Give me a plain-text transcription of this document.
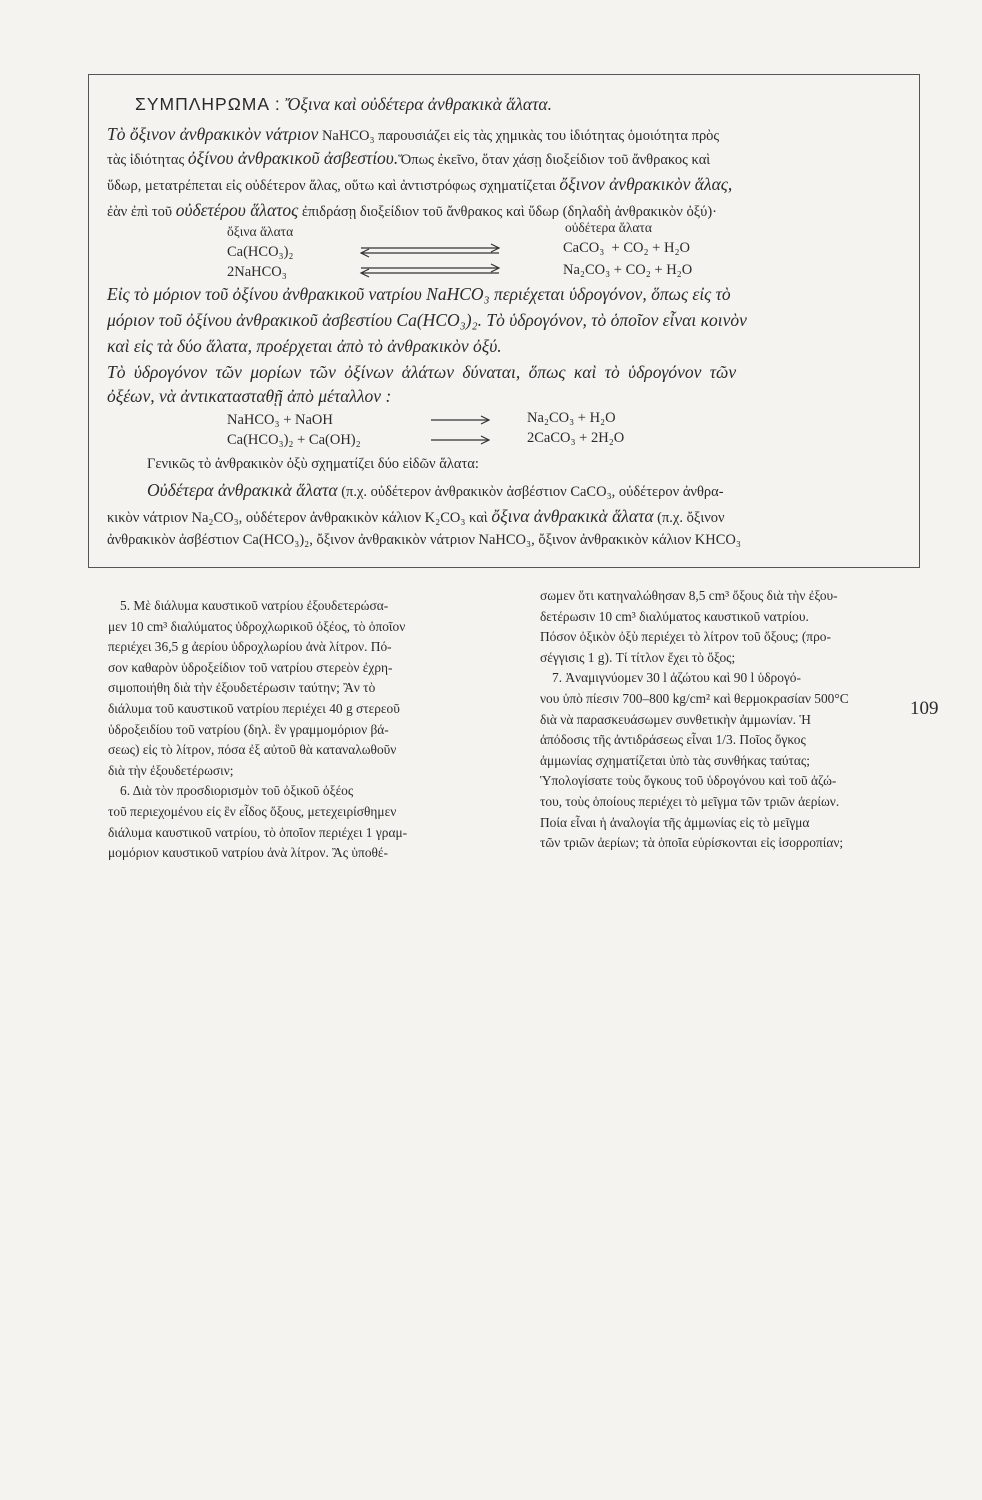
ΣΥΜΠΛΗΡΩΜΑ : Ὄξινα καὶ οὐδέτερα ἀνθρακικὰ ἅλατα.
Τὸ ὄξινον ἀνθρακικὸν νάτριον NaHCO₃ παρουσιάζει εἰς τὰς χημικὰς του ἰδιότητας ὁμοιότητα πρὸς
τὰς ἰδιότητας ὀξίνου ἀνθρακικοῦ ἀσβεστίου.Ὅπως ἐκεῖνο, ὅταν χάσῃ διοξείδιον τοῦ ἄνθρακος καὶ
ὕδωρ, μετατρέπεται εἰς οὐδέτερον ἅλας, οὕτω καὶ ἀντιστρόφως σχηματίζεται ὄξινον ἀνθρακικὸν ἅλας,
ἐὰν ἐπὶ τοῦ οὐδετέρου ἅλατος ἐπιδράσῃ διοξείδιον τοῦ ἄνθρακος καὶ ὕδωρ (δηλαδὴ ἀνθρακικὸν ὀξύ)·
ὄξινα ἅλατα	οὐδέτερα ἅλατα
Ca(HCO₃)₂
2NaHCO₃
CaCO₃  + CO₂ + H₂O
Na₂CO₃ + CO₂ + H₂O
Εἰς τὸ μόριον τοῦ ὀξίνου ἀνθρακικοῦ νατρίου NaHCO₃ περιέχεται ὑδρογόνον, ὅπως εἰς τὸ
μόριον τοῦ ὀξίνου ἀνθρακικοῦ ἀσβεστίου Ca(HCO₃)₂. Τὸ ὑδρογόνον, τὸ ὁποῖον εἶναι κοινὸν
καὶ εἰς τὰ δύο ἅλατα, προέρχεται ἀπὸ τὸ ἀνθρακικὸν ὀξύ.
Τὸ ὑδρογόνον τῶν μορίων τῶν ὀξίνων ἁλάτων δύναται, ὅπως καὶ τὸ ὑδρογόνον τῶν
ὀξέων, νὰ ἀντικατασταθῇ ἀπὸ μέταλλον :
NaHCO₃ + NaOH
Ca(HCO₃)₂ + Ca(OH)₂
Na₂CO₃ + H₂O
2CaCO₃ + 2H₂O
Γενικῶς τὸ ἀνθρακικὸν ὀξὺ σχηματίζει δύο εἰδῶν ἅλατα:
Οὐδέτερα ἀνθρακικὰ ἅλατα (π.χ. οὐδέτερον ἀνθρακικὸν ἀσβέστιον CaCO₃, οὐδέτερον ἀνθρα-
κικὸν νάτριον Na₂CO₃, οὐδέτερον ἀνθρακικὸν κάλιον K₂CO₃ καὶ ὄξινα ἀνθρακικὰ ἅλατα (π.χ. ὄξινον
ἀνθρακικὸν ἀσβέστιον Ca(HCO₃)₂, ὄξινον ἀνθρακικὸν νάτριον NaHCO₃, ὄξινον ἀνθρακικὸν κάλιον KHCO₃

5. Μὲ διάλυμα καυστικοῦ νατρίου ἐξουδετερώσα-

μεν 10 cm³ διαλύματος ὑδροχλωρικοῦ ὀξέος, τὸ ὁποῖον

περιέχει 36,5 g ἀερίου ὑδροχλωρίου ἀνὰ λίτρον. Πό-

σον καθαρὸν ὑδροξείδιον τοῦ νατρίου στερεὸν ἐχρη-

σιμοποιήθη διὰ τὴν ἐξουδετέρωσιν ταύτην; Ἂν τὸ

διάλυμα τοῦ καυστικοῦ νατρίου περιέχει 40 g στερεοῦ

ὑδροξειδίου τοῦ νατρίου (δηλ. ἓν γραμμομόριον βά-

σεως) εἰς τὸ λίτρον, πόσα ἐξ αὐτοῦ θὰ καταναλωθοῦν

διὰ τὴν ἐξουδετέρωσιν;

6. Διὰ τὸν προσδιορισμὸν τοῦ ὀξικοῦ ὀξέος

τοῦ περιεχομένου εἰς ἓν εἶδος ὄξους, μετεχειρίσθημεν

διάλυμα καυστικοῦ νατρίου, τὸ ὁποῖον περιέχει 1 γραμ-

μομόριον καυστικοῦ νατρίου ἀνὰ λίτρον. Ἂς ὑποθέ-

σωμεν ὅτι κατηναλώθησαν 8,5 cm³ ὄξους διὰ τὴν ἐξου-

δετέρωσιν 10 cm³ διαλύματος καυστικοῦ νατρίου.

Πόσον ὀξικὸν ὀξὺ περιέχει τὸ λίτρον τοῦ ὄξους; (προ-

σέγγισις 1 g). Τί τίτλον ἔχει τὸ ὄξος;

7. Ἀναμιγνύομεν 30 l ἀζώτου καὶ 90 l ὑδρογό-

νου ὑπὸ πίεσιν 700–800 kg/cm² καὶ θερμοκρασίαν 500°C

διὰ νὰ παρασκευάσωμεν συνθετικὴν ἀμμωνίαν. Ἡ

ἀπόδοσις τῆς ἀντιδράσεως εἶναι 1/3. Ποῖος ὄγκος

ἀμμωνίας σχηματίζεται ὑπὸ τὰς συνθήκας ταύτας;

Ὑπολογίσατε τοὺς ὄγκους τοῦ ὑδρογόνου καὶ τοῦ ἀζώ-

του, τοὺς ὁποίους περιέχει τὸ μεῖγμα τῶν τριῶν ἀερίων.

Ποία εἶναι ἡ ἀναλογία τῆς ἀμμωνίας εἰς τὸ μεῖγμα

τῶν τριῶν ἀερίων; τὰ ὁποῖα εὑρίσκονται εἰς ἰσορροπίαν;

109
